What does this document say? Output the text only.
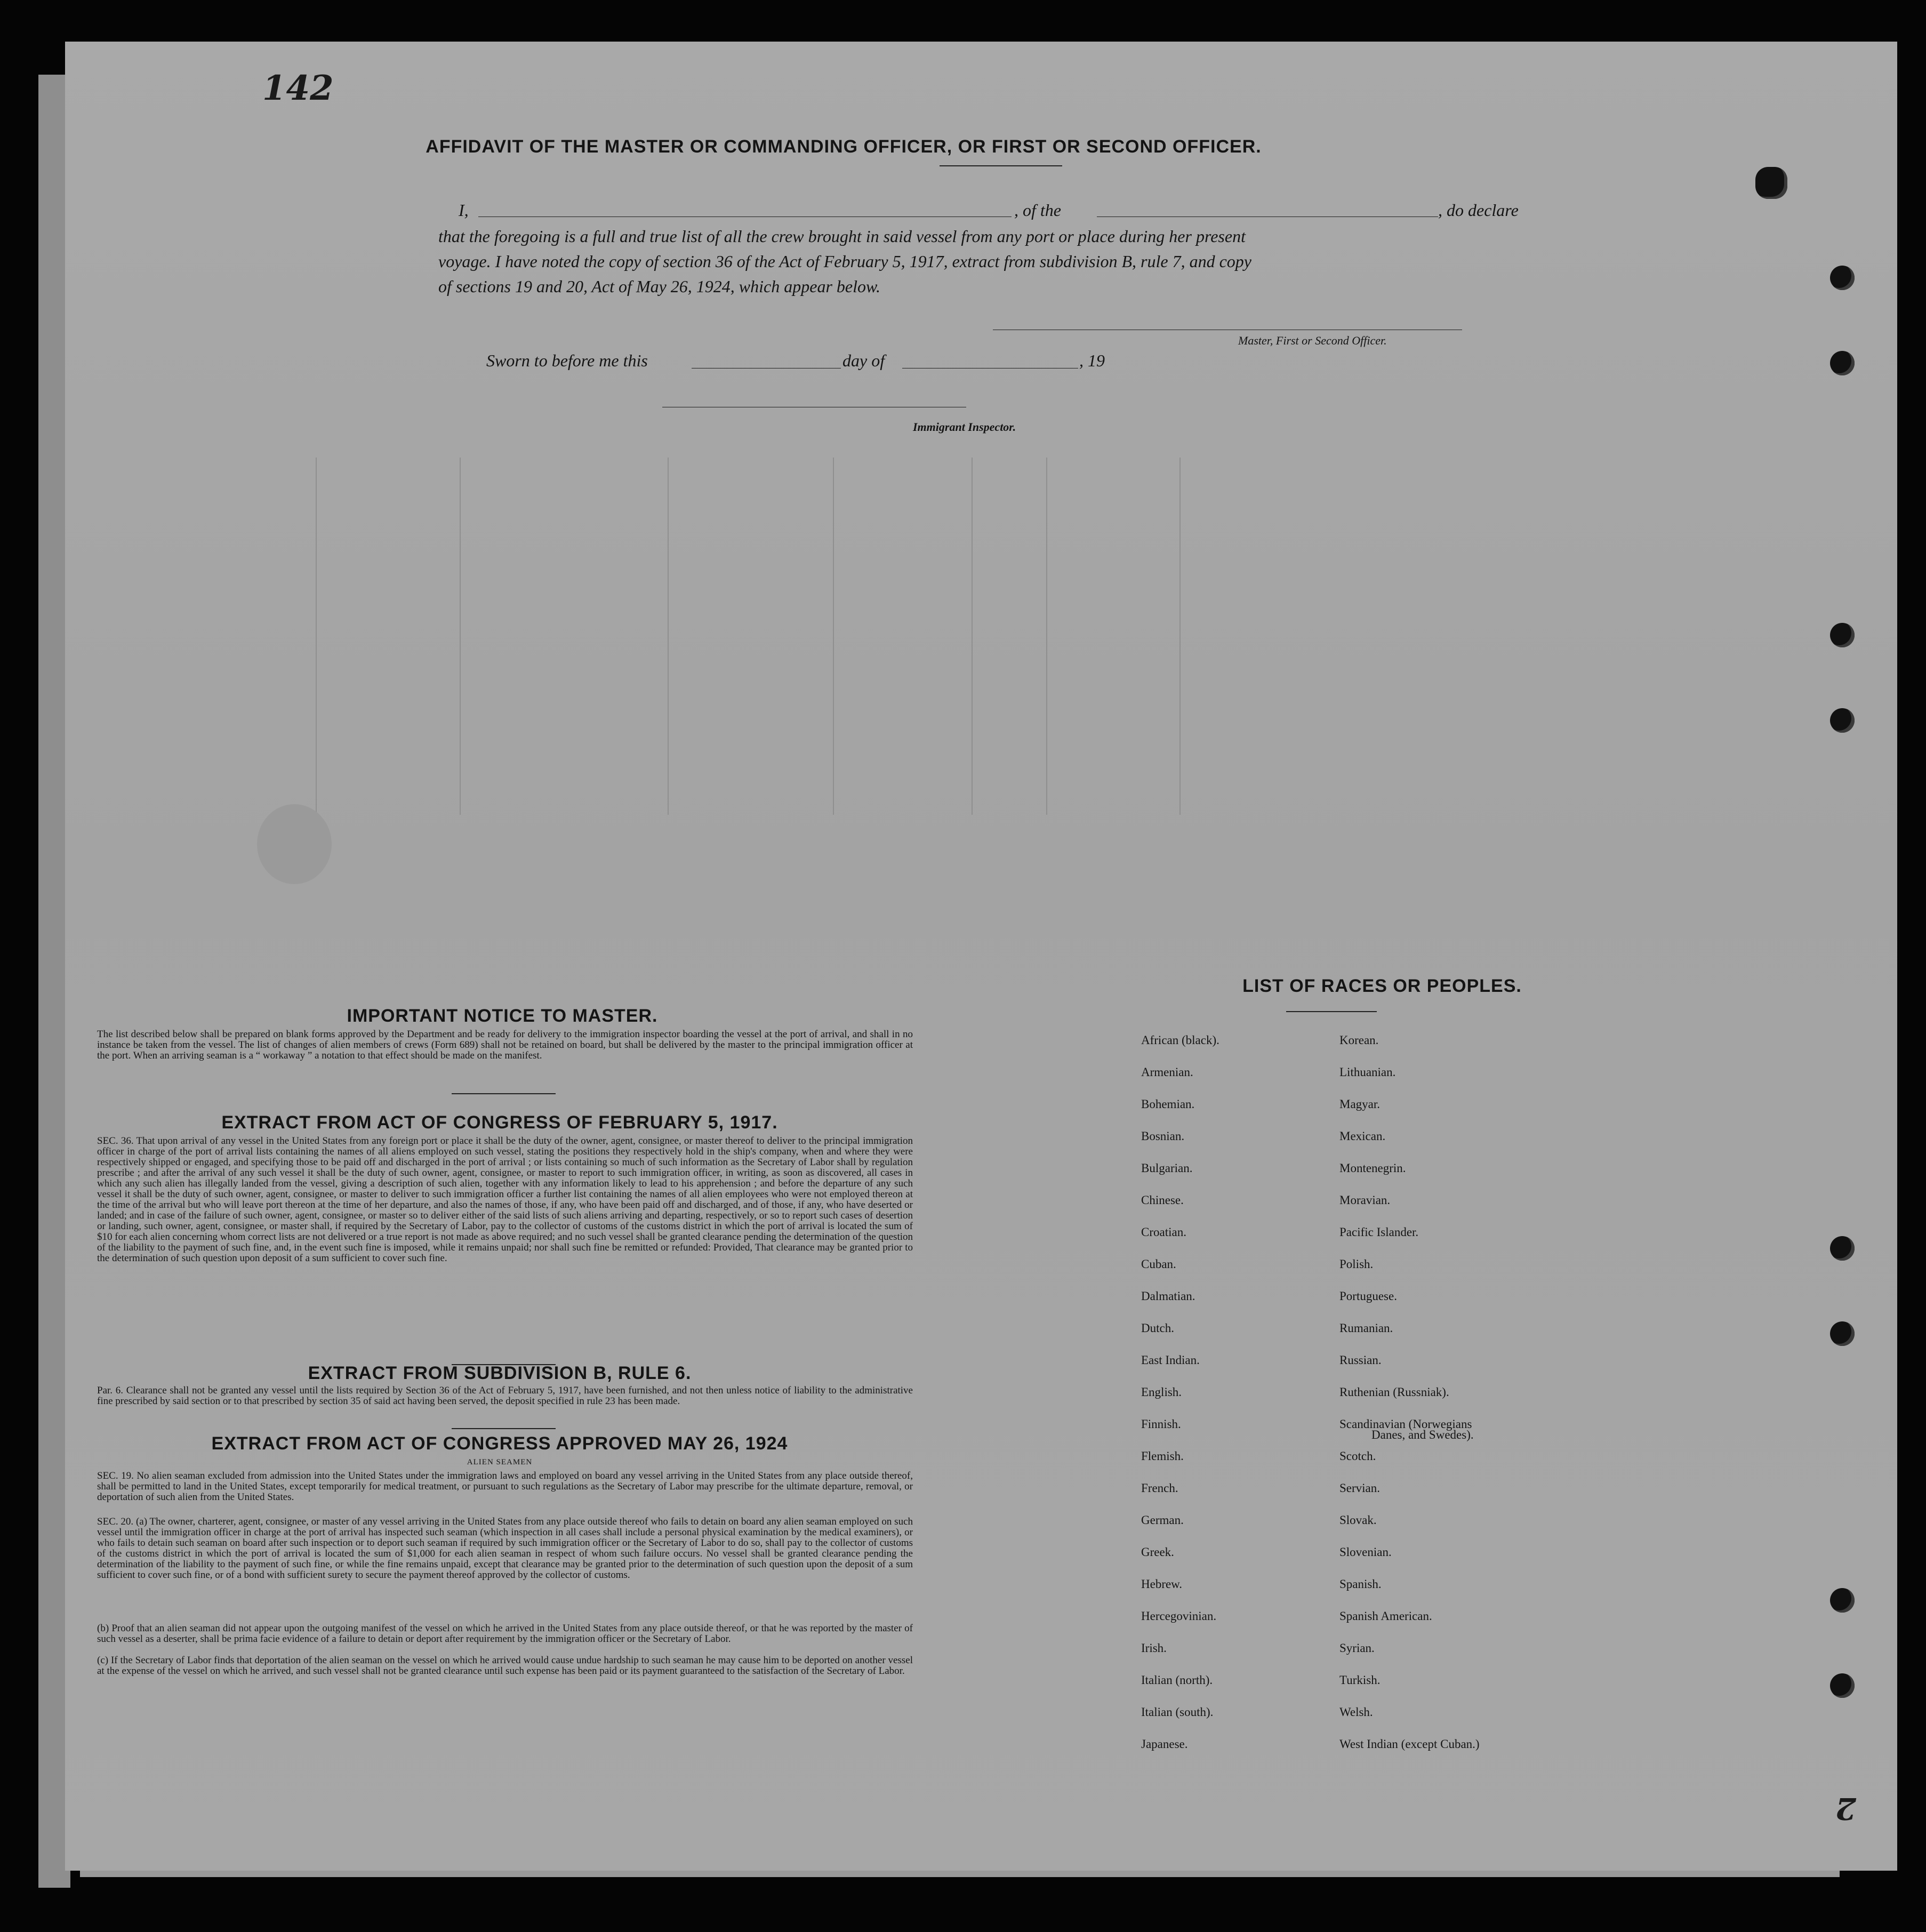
142
AFFIDAVIT OF THE MASTER OR COMMANDING OFFICER, OR FIRST OR SECOND OFFICER.
I,	, of the	, do declare
that the foregoing is a full and true list of all the crew brought in said vessel from any port or place during her present
voyage. I have noted the copy of section 36 of the Act of February 5, 1917, extract from subdivision B, rule 7, and copy
of sections 19 and 20, Act of May 26, 1924, which appear below.
Master, First or Second Officer.
Sworn to before me this	day of	, 19
Immigrant Inspector.
IMPORTANT NOTICE TO MASTER.
The list described below shall be prepared on blank forms approved by the Department and be ready for delivery to the immigration inspector boarding the vessel at the port of arrival, and shall in no instance be taken from the vessel. The list of changes of alien members of crews (Form 689) shall not be retained on board, but shall be delivered by the master to the principal immigration officer at the port. When an arriving seaman is a “ workaway ” a notation to that effect should be made on the manifest.
EXTRACT FROM ACT OF CONGRESS OF FEBRUARY 5, 1917.
SEC. 36. That upon arrival of any vessel in the United States from any foreign port or place it shall be the duty of the owner, agent, consignee, or master thereof to deliver to the principal immigration officer in charge of the port of arrival lists containing the names of all aliens employed on such vessel, stating the positions they respectively hold in the ship's company, when and where they were respectively shipped or engaged, and specifying those to be paid off and discharged in the port of arrival ; or lists containing so much of such information as the Secretary of Labor shall by regulation prescribe ; and after the arrival of any such vessel it shall be the duty of such owner, agent, consignee, or master to report to such immigration officer, in writing, as soon as discovered, all cases in which any such alien has illegally landed from the vessel, giving a description of such alien, together with any information likely to lead to his apprehension ; and before the departure of any such vessel it shall be the duty of such owner, agent, consignee, or master to deliver to such immigration officer a further list containing the names of all alien employees who were not employed thereon at the time of the arrival but who will leave port thereon at the time of her departure, and also the names of those, if any, who have been paid off and discharged, and of those, if any, who have deserted or landed; and in case of the failure of such owner, agent, consignee, or master so to deliver either of the said lists of such aliens arriving and departing, respectively, or so to report such cases of desertion or landing, such owner, agent, consignee, or master shall, if required by the Secretary of Labor, pay to the collector of customs of the customs district in which the port of arrival is located the sum of $10 for each alien concerning whom correct lists are not delivered or a true report is not made as above required; and no such vessel shall be granted clearance pending the determination of the question of the liability to the payment of such fine, and, in the event such fine is imposed, while it remains unpaid; nor shall such fine be remitted or refunded: Provided, That clearance may be granted prior to the determination of such question upon deposit of a sum sufficient to cover such fine.
EXTRACT FROM SUBDIVISION B, RULE 6.
Par. 6. Clearance shall not be granted any vessel until the lists required by Section 36 of the Act of February 5, 1917, have been furnished, and not then unless notice of liability to the administrative fine prescribed by said section or to that prescribed by section 35 of said act having been served, the deposit specified in rule 23 has been made.
EXTRACT FROM ACT OF CONGRESS APPROVED MAY 26, 1924
ALIEN SEAMEN
SEC. 19. No alien seaman excluded from admission into the United States under the immigration laws and employed on board any vessel arriving in the United States from any place outside thereof, shall be permitted to land in the United States, except temporarily for medical treatment, or pursuant to such regulations as the Secretary of Labor may prescribe for the ultimate departure, removal, or deportation of such alien from the United States.
SEC. 20. (a) The owner, charterer, agent, consignee, or master of any vessel arriving in the United States from any place outside thereof who fails to detain on board any alien seaman employed on such vessel until the immigration officer in charge at the port of arrival has inspected such seaman (which inspection in all cases shall include a personal physical examination by the medical examiners), or who fails to detain such seaman on board after such inspection or to deport such seaman if required by such immigration officer or the Secretary of Labor to do so, shall pay to the collector of customs of the customs district in which the port of arrival is located the sum of $1,000 for each alien seaman in respect of whom such failure occurs. No vessel shall be granted clearance pending the determination of the liability to the payment of such fine, or while the fine remains unpaid, except that clearance may be granted prior to the determination of such question upon the deposit of a sum sufficient to cover such fine, or of a bond with sufficient surety to secure the payment thereof approved by the collector of customs.
(b) Proof that an alien seaman did not appear upon the outgoing manifest of the vessel on which he arrived in the United States from any place outside thereof, or that he was reported by the master of such vessel as a deserter, shall be prima facie evidence of a failure to detain or deport after requirement by the immigration officer or the Secretary of Labor.
(c) If the Secretary of Labor finds that deportation of the alien seaman on the vessel on which he arrived would cause undue hardship to such seaman he may cause him to be deported on another vessel at the expense of the vessel on which he arrived, and such vessel shall not be granted clearance until such expense has been paid or its payment guaranteed to the satisfaction of the Secretary of Labor.
LIST OF RACES OR PEOPLES.
African (black).
Armenian.
Bohemian.
Bosnian.
Bulgarian.
Chinese.
Croatian.
Cuban.
Dalmatian.
Dutch.
East Indian.
English.
Finnish.
Flemish.
French.
German.
Greek.
Hebrew.
Hercegovinian.
Irish.
Italian (north).
Italian (south).
Japanese.
Korean.
Lithuanian.
Magyar.
Mexican.
Montenegrin.
Moravian.
Pacific Islander.
Polish.
Portuguese.
Rumanian.
Russian.
Ruthenian (Russniak).
Scandinavian (Norwegians
Scotch.
Servian.
Slovak.
Slovenian.
Spanish.
Spanish American.
Syrian.
Turkish.
Welsh.
West Indian (except Cuban.)
Danes, and Swedes).
2
